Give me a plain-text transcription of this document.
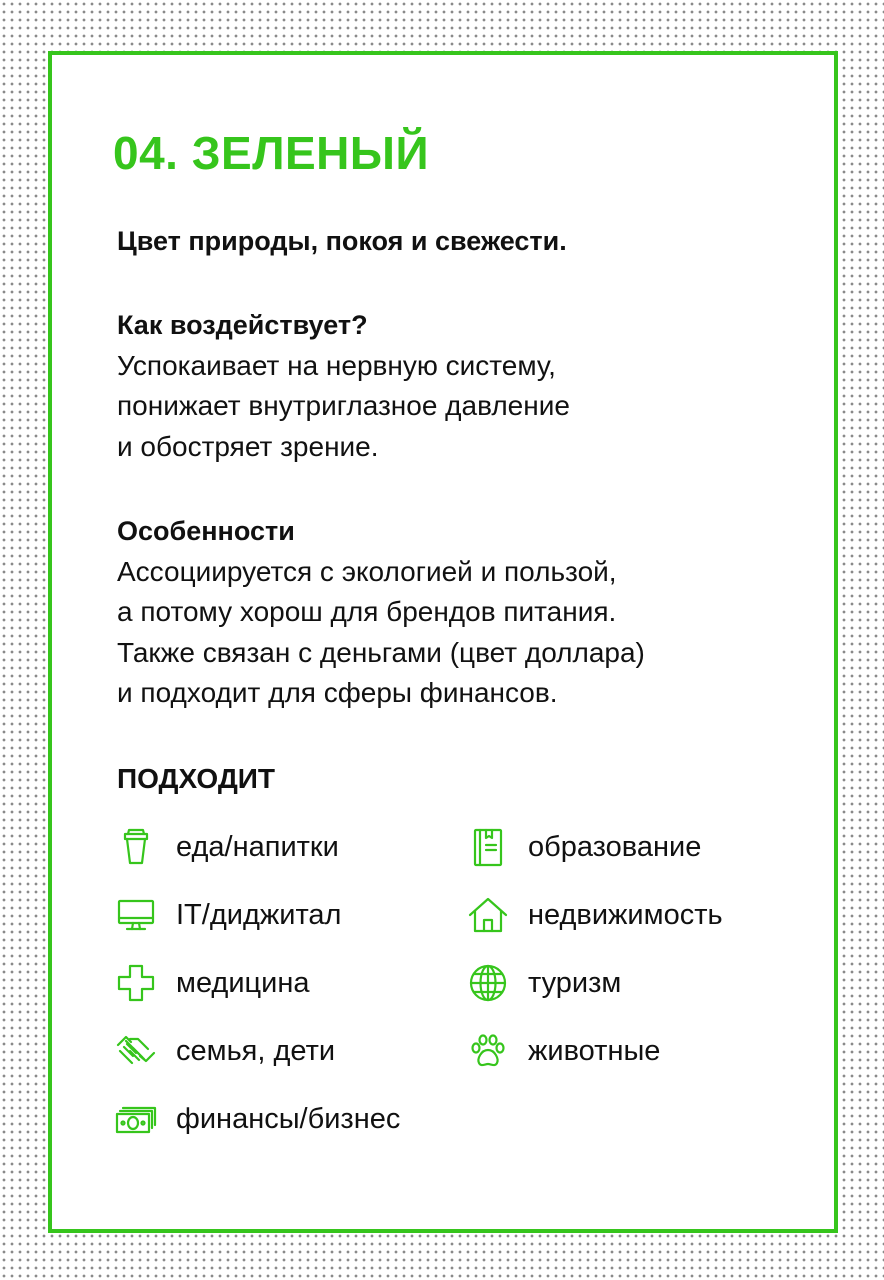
04. ЗЕЛЕНЫЙ

Цвет природы, покоя и свежести.

Как воздействует?
Успокаивает на нервную систему,
понижает внутриглазное давление
и обостряет зрение.
Особенности
Ассоциируется с экологией и пользой,
а потому хорош для брендов питания.
Также связан с деньгами (цвет доллара)
и подходит для сферы финансов.
ПОДХОДИТ
еда/напитки	образование
IT/диджитал	недвижимость
медицина	туризм
семья, дети	животные
финансы/бизнес
